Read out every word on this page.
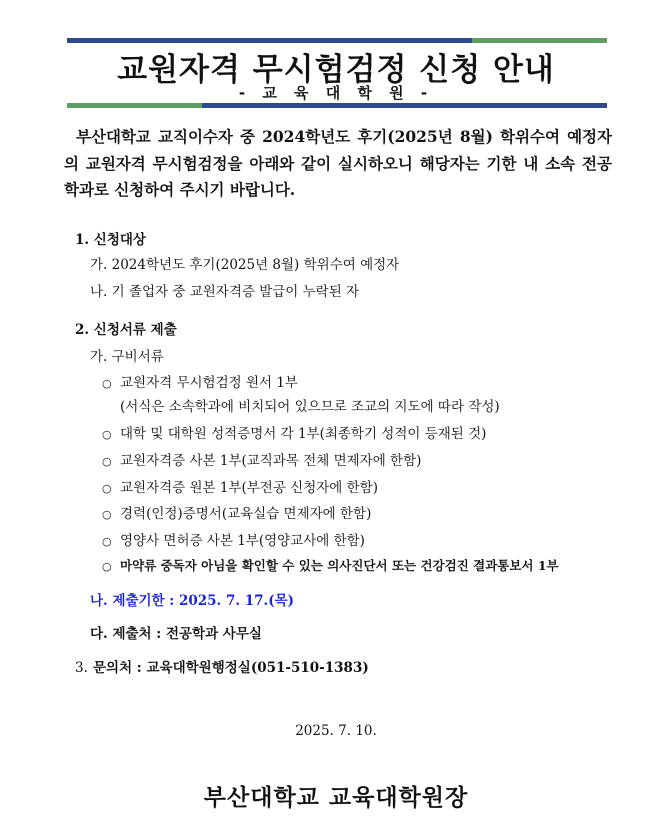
교원자격 무시험검정 신청 안내
- 교 육 대 학 원 -
부산대학교 교직이수자 중 2024학년도 후기(2025년 8월) 학위수여 예정자의 교원자격 무시험검정을 아래와 같이 실시하오니 해당자는 기한 내 소속 전공학과로 신청하여 주시기 바랍니다.
1. 신청대상
가. 2024학년도 후기(2025년 8월) 학위수여 예정자
나. 기 졸업자 중 교원자격증 발급이 누락된 자
2. 신청서류 제출
가. 구비서류
○ 교원자격 무시험검정 원서 1부
(서식은 소속학과에 비치되어 있으므로 조교의 지도에 따라 작성)
○ 대학 및 대학원 성적증명서 각 1부(최종학기 성적이 등재된 것)
○ 교원자격증 사본 1부(교직과목 전체 면제자에 한함)
○ 교원자격증 원본 1부(부전공 신청자에 한함)
○ 경력(인정)증명서(교육실습 면제자에 한함)
○ 영양사 면허증 사본 1부(영양교사에 한함)
○ 마약류 중독자 아님을 확인할 수 있는 의사진단서 또는 건강검진 결과통보서 1부
나. 제출기한 : 2025. 7. 17.(목)
다. 제출처 : 전공학과 사무실
3. 문의처 : 교육대학원행정실(051-510-1383)
2025. 7. 10.
부산대학교 교육대학원장
